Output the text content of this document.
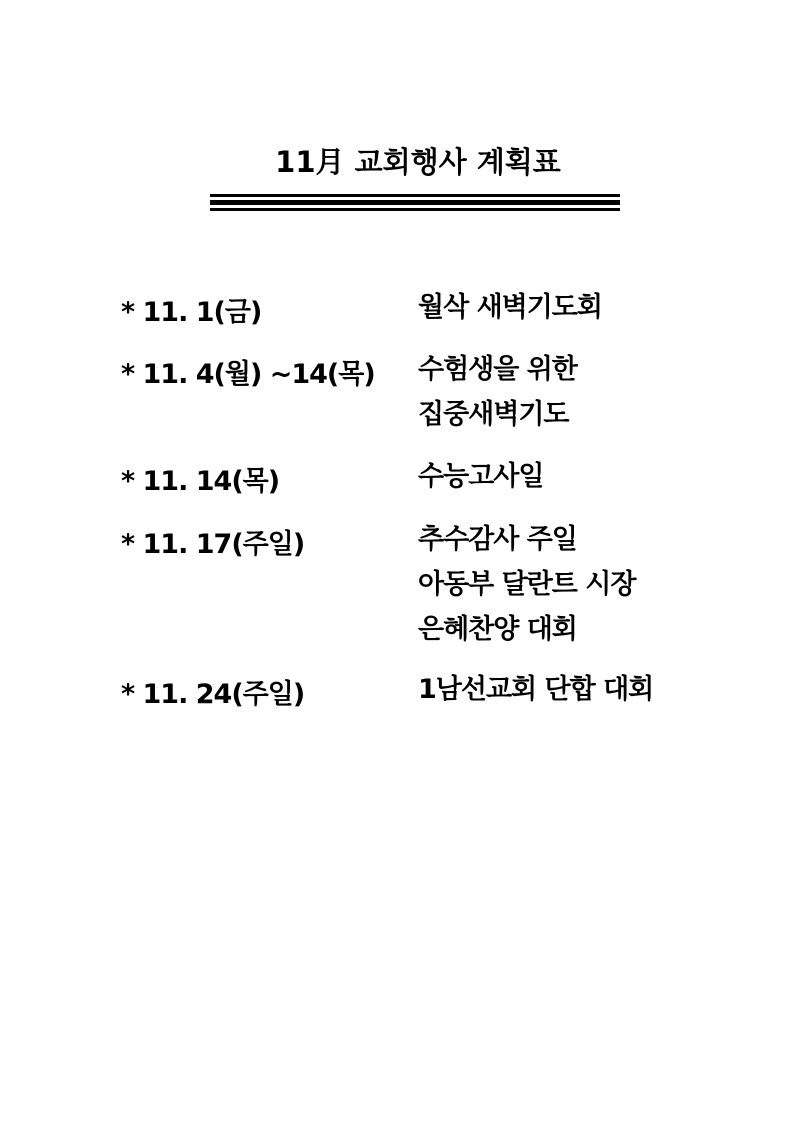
11月 교회행사 계획표
* 11. 1(금)	월삭 새벽기도회
* 11. 4(월) ~14(목) 수험생을 위한
집중새벽기도
* 11. 14(목)	수능고사일
* 11. 17(주일)	추수감사 주일
아동부 달란트 시장
은혜찬양 대회
* 11. 24(주일)	1남선교회 단합 대회
